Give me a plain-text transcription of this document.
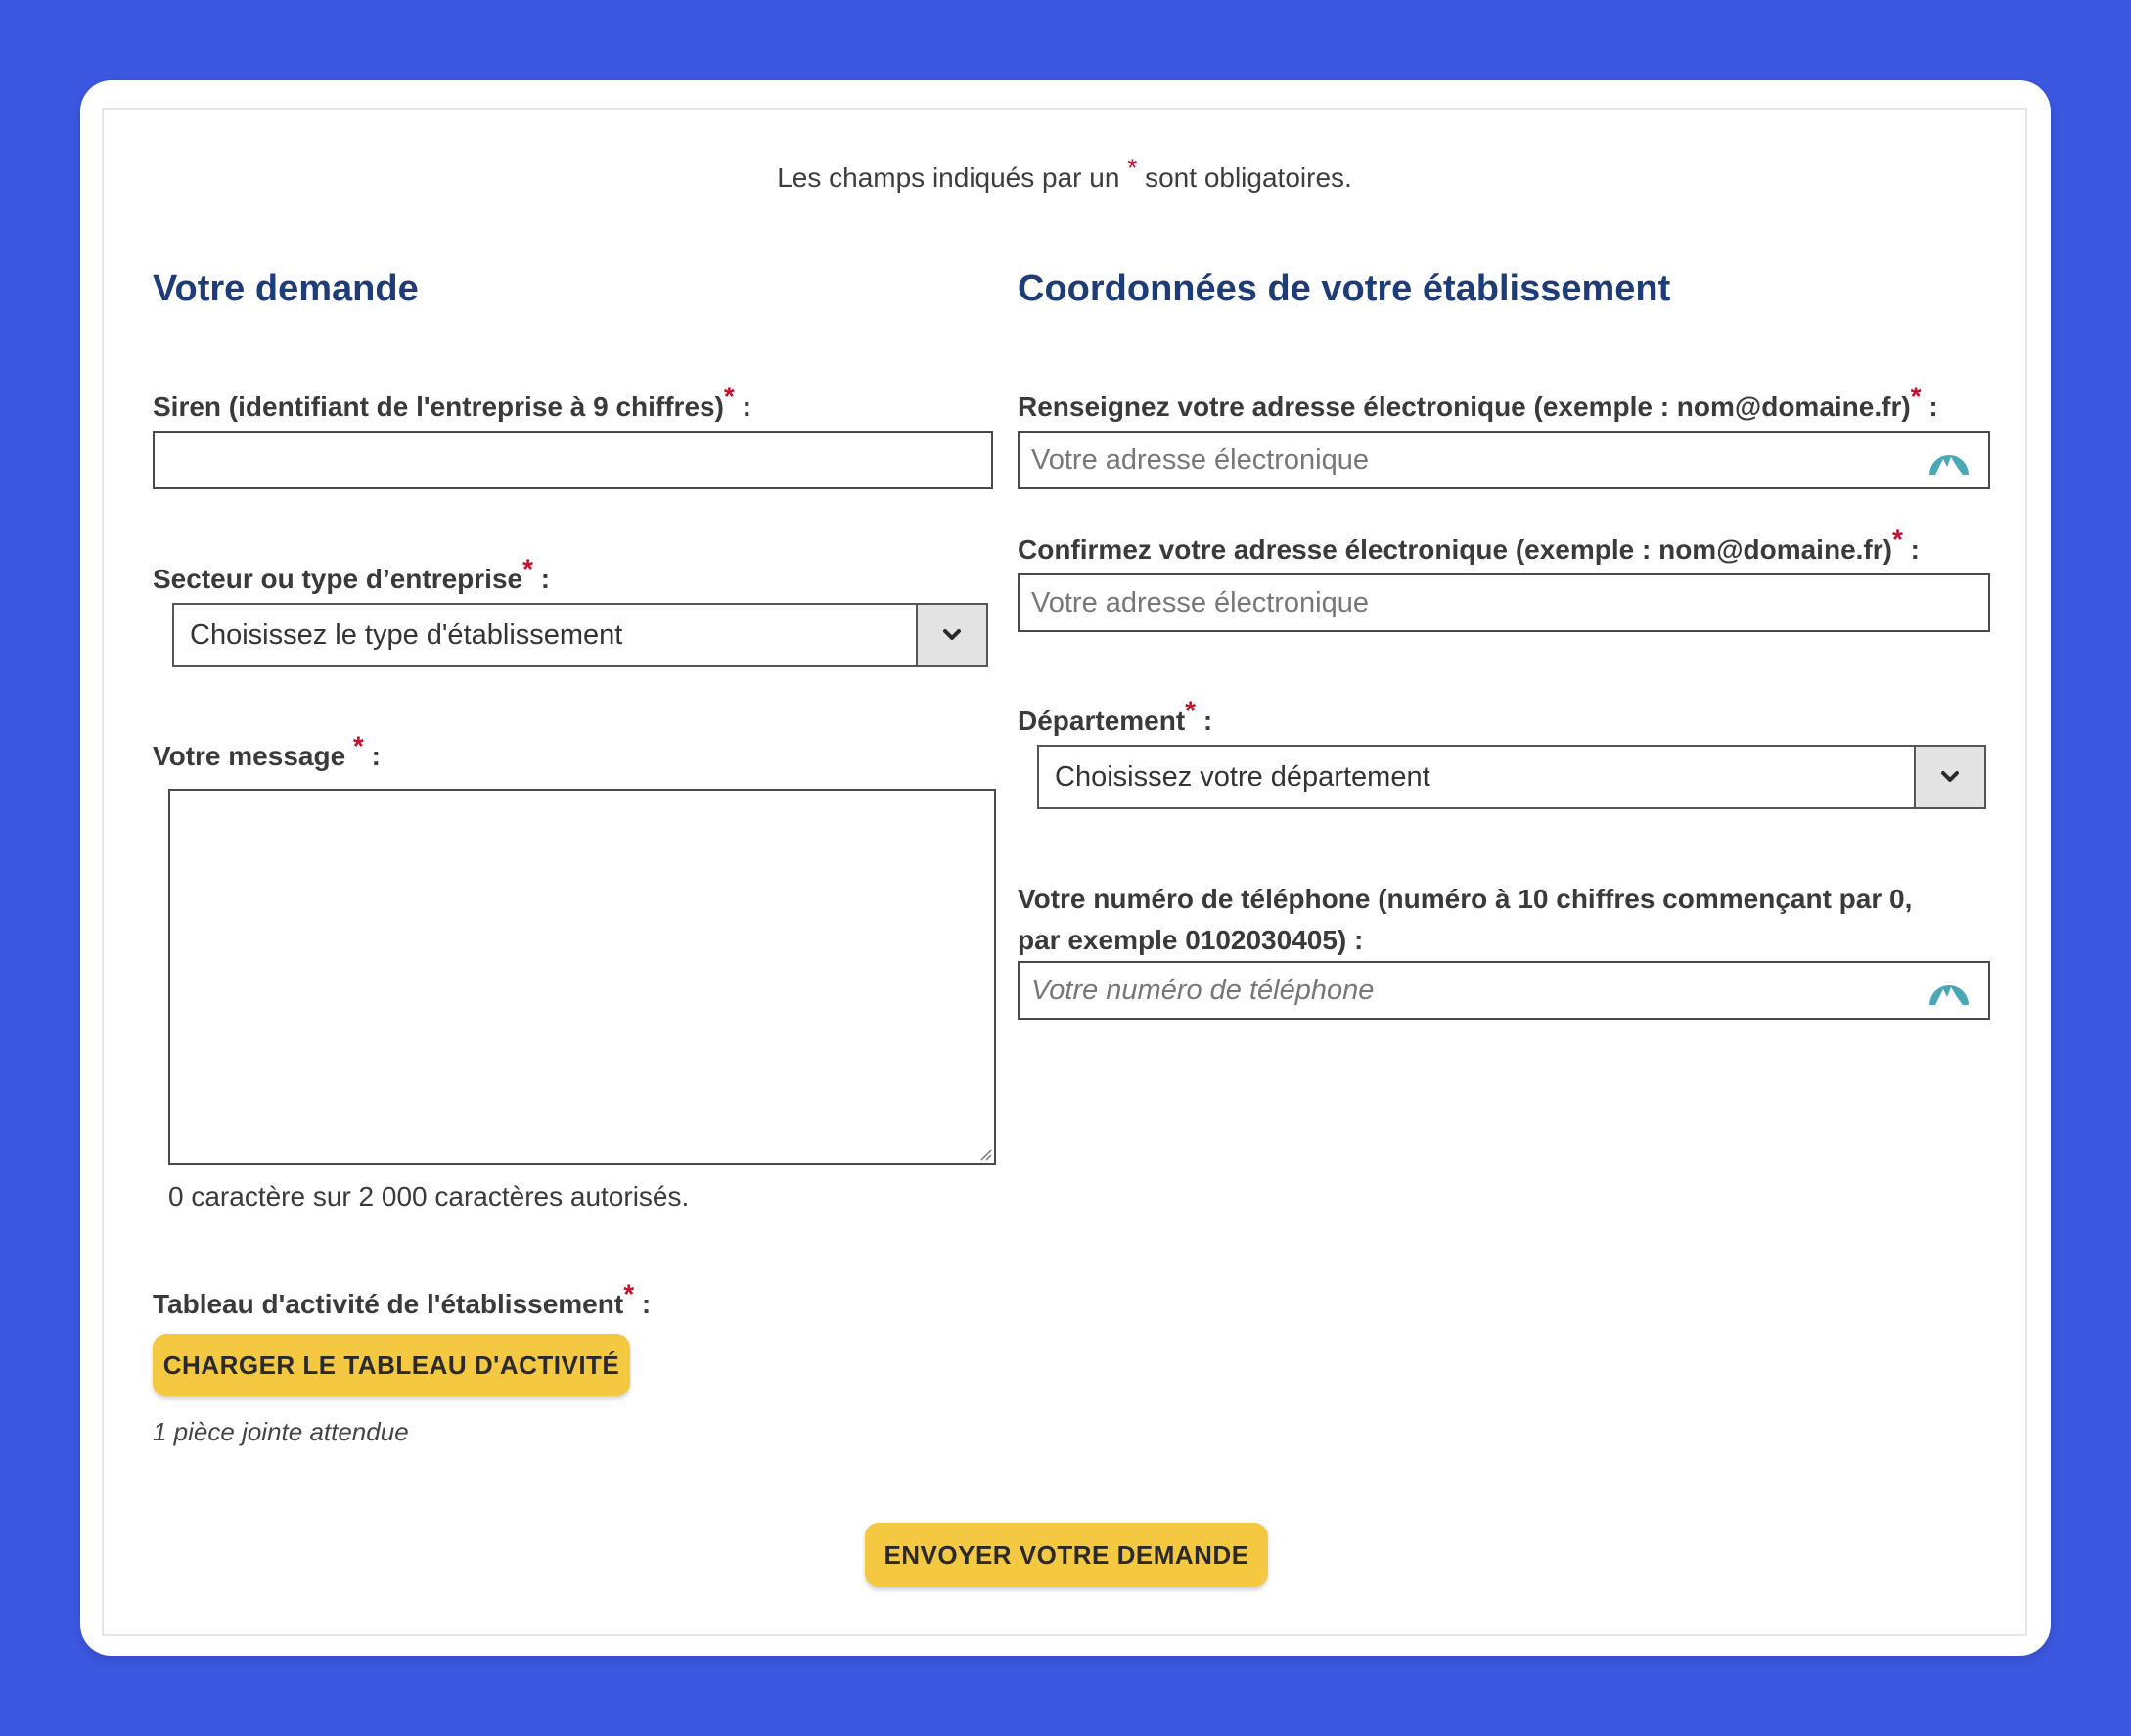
Les champs indiqués par un * sont obligatoires.
Votre demande
Siren (identifiant de l'entreprise à 9 chiffres)* :
Secteur ou type d’entreprise* :
Choisissez le type d'établissement
Votre message * :
0 caractère sur 2 000 caractères autorisés.
Tableau d'activité de l'établissement* :
CHARGER LE TABLEAU D'ACTIVITÉ
1 pièce jointe attendue
Coordonnées de votre établissement
Renseignez votre adresse électronique (exemple : nom@domaine.fr)* :
Votre adresse électronique
Confirmez votre adresse électronique (exemple : nom@domaine.fr)* :
Votre adresse électronique
Département* :
Choisissez votre département
Votre numéro de téléphone (numéro à 10 chiffres commençant par 0,
par exemple 0102030405) :
Votre numéro de téléphone
ENVOYER VOTRE DEMANDE
